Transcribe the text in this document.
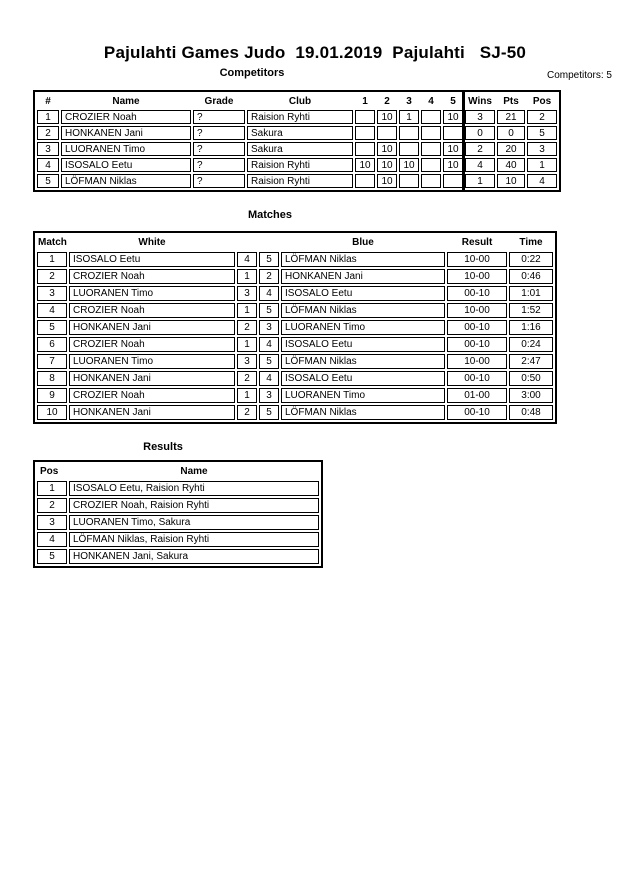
Pajulahti Games Judo  19.01.2019  Pajulahti   SJ-50
Competitors	Competitors: 5
#	Name	Grade	Club	1	2	3	4	5	Wins	Pts	Pos
1	CROZIER Noah	?	Raision Ryhti		10	1		10	3	21	2
2	HONKANEN Jani	?	Sakura						0	0	5
3	LUORANEN Timo	?	Sakura		10			10	2	20	3
4	ISOSALO Eetu	?	Raision Ryhti	10	10	10		10	4	40	1
5	LÖFMAN Niklas	?	Raision Ryhti		10				1	10	4
Matches
Match	White			Blue	Result	Time
1	ISOSALO Eetu	4	5	LÖFMAN Niklas	10-00	0:22
2	CROZIER Noah	1	2	HONKANEN Jani	10-00	0:46
3	LUORANEN Timo	3	4	ISOSALO Eetu	00-10	1:01
4	CROZIER Noah	1	5	LÖFMAN Niklas	10-00	1:52
5	HONKANEN Jani	2	3	LUORANEN Timo	00-10	1:16
6	CROZIER Noah	1	4	ISOSALO Eetu	00-10	0:24
7	LUORANEN Timo	3	5	LÖFMAN Niklas	10-00	2:47
8	HONKANEN Jani	2	4	ISOSALO Eetu	00-10	0:50
9	CROZIER Noah	1	3	LUORANEN Timo	01-00	3:00
10	HONKANEN Jani	2	5	LÖFMAN Niklas	00-10	0:48
Results
Pos	Name
1	ISOSALO Eetu, Raision Ryhti
2	CROZIER Noah, Raision Ryhti
3	LUORANEN Timo, Sakura
4	LÖFMAN Niklas, Raision Ryhti
5	HONKANEN Jani, Sakura
